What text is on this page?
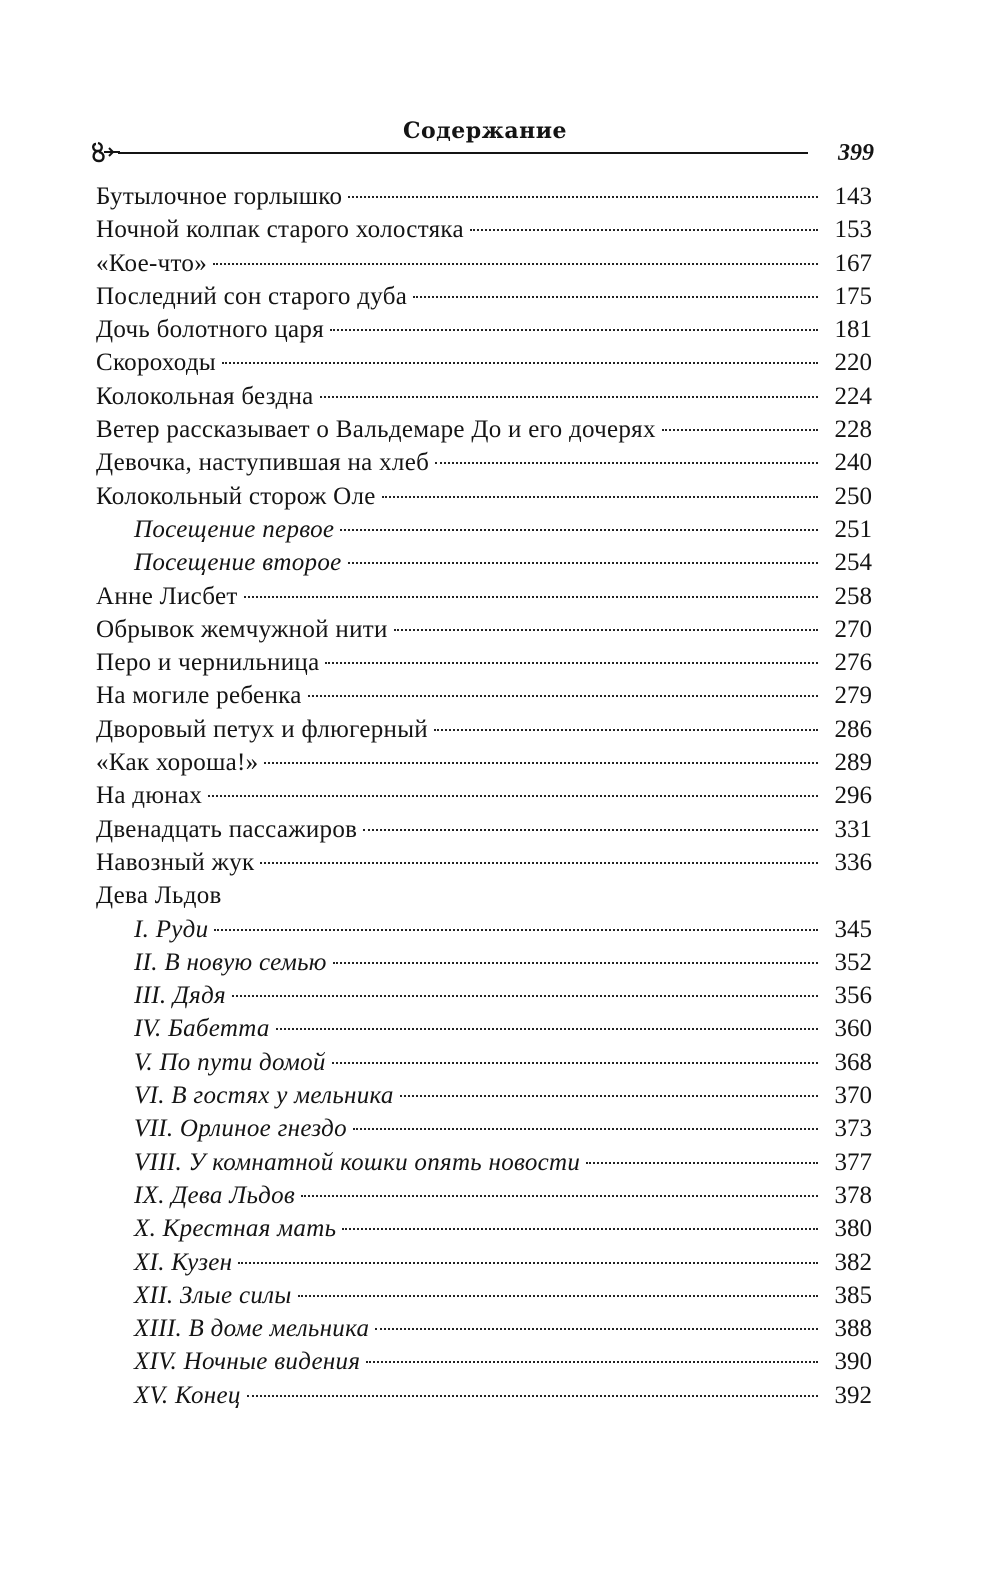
Содержание
399
Бутылочное горлышко	143
Ночной колпак старого холостяка	153
«Кое-что»	167
Последний сон старого дуба	175
Дочь болотного царя	181
Скороходы	220
Колокольная бездна	224
Ветер рассказывает о Вальдемаре До и его дочерях	228
Девочка, наступившая на хлеб	240
Колокольный сторож Оле	250
Посещение первое	251
Посещение второе	254
Анне Лисбет	258
Обрывок жемчужной нити	270
Перо и чернильница	276
На могиле ребенка	279
Дворовый петух и флюгерный	286
«Как хороша!»	289
На дюнах	296
Двенадцать пассажиров	331
Навозный жук	336
Дева Льдов
I. Руди	345
II. В новую семью	352
III. Дядя	356
IV. Бабетта	360
V. По пути домой	368
VI. В гостях у мельника	370
VII. Орлиное гнездо	373
VIII. У комнатной кошки опять новости	377
IX. Дева Льдов	378
X. Крестная мать	380
XI. Кузен	382
XII. Злые силы	385
XIII. В доме мельника	388
XIV. Ночные видения	390
XV. Конец	392
